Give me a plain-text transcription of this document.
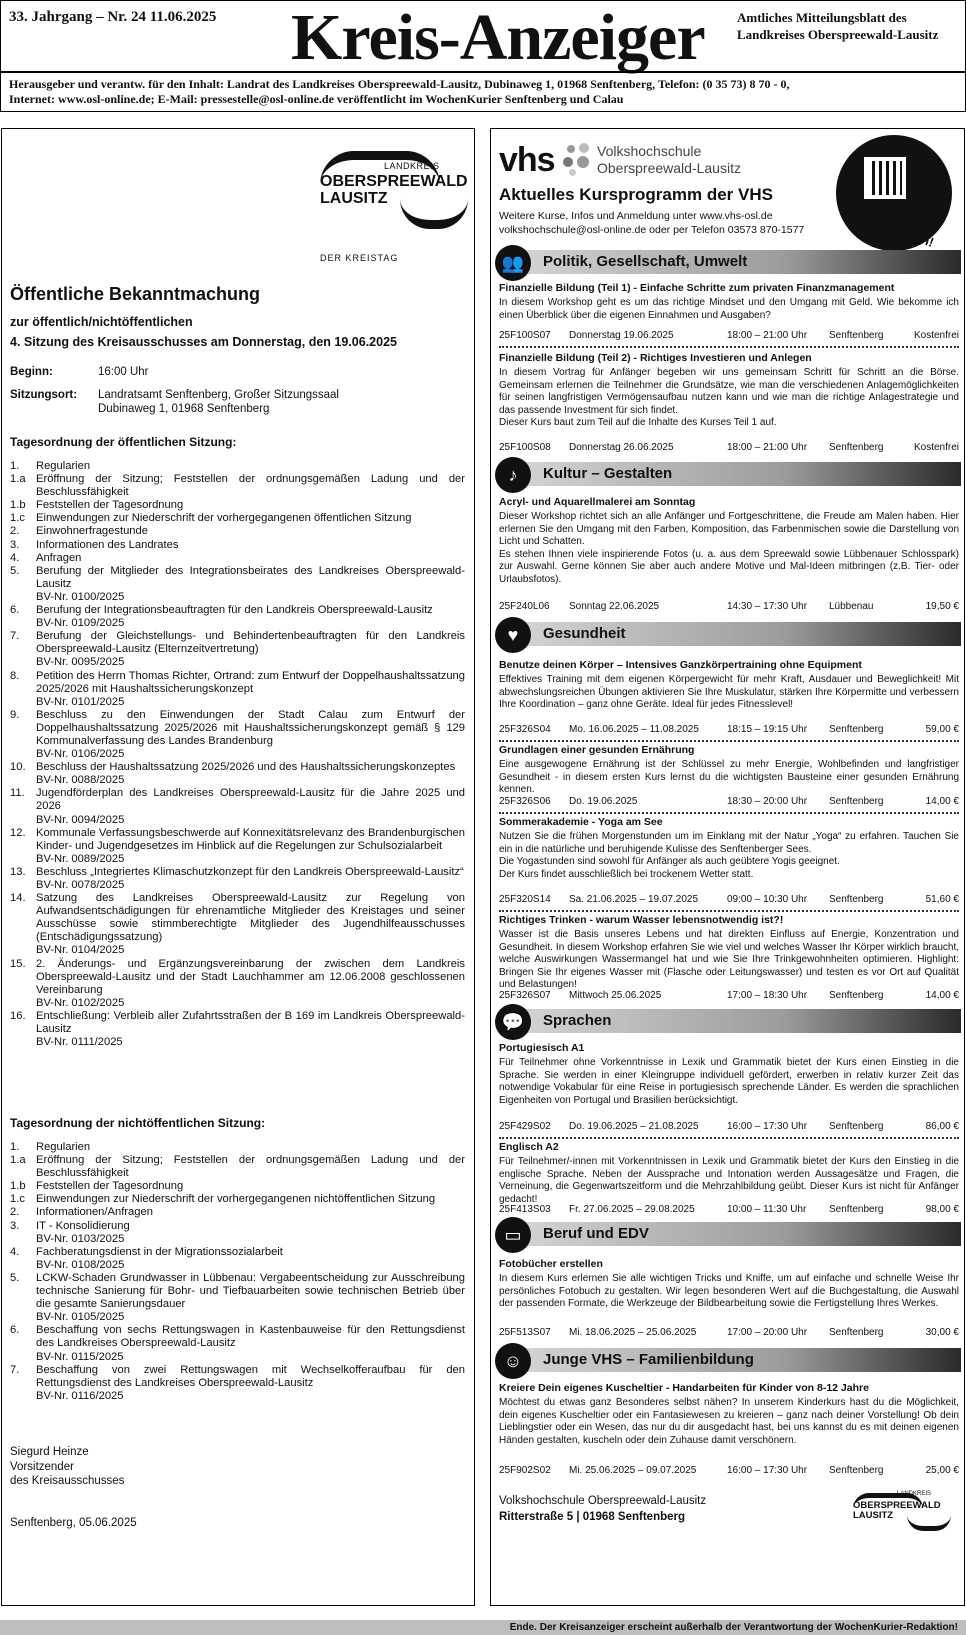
33. Jahrgang – Nr. 24 11.06.2025 Kreis-Anzeiger Amtliches Mitteilungsblatt des
Landkreises Oberspreewald-Lausitz
Herausgeber und verantw. für den Inhalt: Landrat des Landkreises Oberspreewald-Lausitz, Dubinaweg 1, 01968 Senftenberg, Telefon: (0 35 73) 8 70 - 0,
Internet: www.osl-online.de; E-Mail: pressestelle@osl-online.de veröffentlicht im WochenKurier Senftenberg und Calau
LANDKREIS
OBERSPREEWALD
LAUSITZ
DER KREISTAG
Öffentliche Bekanntmachung
zur öffentlich/nichtöffentlichen
4. Sitzung des Kreisausschusses am Donnerstag, den 19.06.2025
Beginn:	16:00 Uhr
Sitzungsort:	Landratsamt Senftenberg, Großer Sitzungssaal
Dubinaweg 1, 01968 Senftenberg
Tagesordnung der öffentlichen Sitzung:
1.	Regularien
1.a Eröffnung der Sitzung; Feststellen der ordnungsgemäßen Ladung und der Beschlussfähigkeit
1.b Feststellen der Tagesordnung
1.c Einwendungen zur Niederschrift der vorhergegangenen öffentlichen Sitzung
2.	Einwohnerfragestunde
3.	Informationen des Landrates
4.	Anfragen
5.	Berufung der Mitglieder des Integrationsbeirates des Landkreises Oberspreewald-Lausitz
BV-Nr. 0100/2025
6.	Berufung der Integrationsbeauftragten für den Landkreis Oberspreewald-Lausitz
BV-Nr. 0109/2025
7.	Berufung der Gleichstellungs- und Behindertenbeauftragten für den Landkreis Oberspreewald-Lausitz (Elternzeitvertretung)
BV-Nr. 0095/2025
8.	Petition des Herrn Thomas Richter, Ortrand: zum Entwurf der Doppelhaushaltssatzung 2025/2026 mit Haushaltssicherungskonzept
BV-Nr. 0101/2025
9.	Beschluss zu den Einwendungen der Stadt Calau zum Entwurf der Doppelhaushaltssatzung 2025/2026 mit Haushaltssicherungskonzept gemäß § 129 Kommunalverfassung des Landes Brandenburg
BV-Nr. 0106/2025
10. Beschluss der Haushaltssatzung 2025/2026 und des Haushaltssicherungskonzeptes
BV-Nr. 0088/2025
11.	Jugendförderplan des Landkreises Oberspreewald-Lausitz für die Jahre 2025 und 2026
BV-Nr. 0094/2025
12. Kommunale Verfassungsbeschwerde auf Konnexitätsrelevanz des Brandenburgischen Kinder- und Jugendgesetzes im Hinblick auf die Regelungen zur Schulsozialarbeit
BV-Nr. 0089/2025
13. Beschluss „Integriertes Klimaschutzkonzept für den Landkreis Oberspreewald-Lausitz“
BV-Nr. 0078/2025
14. Satzung des Landkreises Oberspreewald-Lausitz zur Regelung von Aufwandsentschädigungen für ehrenamtliche Mitglieder des Kreistages und seiner Ausschüsse sowie stimmberechtigte Mitglieder des Jugendhilfeausschusses (Entschädigungssatzung)
BV-Nr. 0104/2025
15. 2. Änderungs- und Ergänzungsvereinbarung der zwischen dem Landkreis Oberspreewald-Lausitz und der Stadt Lauchhammer am 12.06.2008 geschlossenen Vereinbarung
BV-Nr. 0102/2025
16. Entschließung: Verbleib aller Zufahrtsstraßen der B 169 im Landkreis Oberspreewald-Lausitz
BV-Nr. 0111/2025
Tagesordnung der nichtöffentlichen Sitzung:
1.	Regularien
1.a Eröffnung der Sitzung; Feststellen der ordnungsgemäßen Ladung und der Beschlussfähigkeit
1.b Feststellen der Tagesordnung
1.c Einwendungen zur Niederschrift der vorhergegangenen nichtöffentlichen Sitzung
2.	Informationen/Anfragen
3.	IT - Konsolidierung
BV-Nr. 0103/2025
4.	Fachberatungsdienst in der Migrationssozialarbeit
BV-Nr. 0108/2025
5.	LCKW-Schaden Grundwasser in Lübbenau: Vergabeentscheidung zur Ausschreibung technische Sanierung für Bohr- und Tiefbauarbeiten sowie technischen Betrieb über die gesamte Sanierungsdauer
BV-Nr. 0105/2025
6.	Beschaffung von sechs Rettungswagen in Kastenbauweise für den Rettungsdienst des Landkreises Oberspreewald-Lausitz
BV-Nr. 0115/2025
7.	Beschaffung von zwei Rettungswagen mit Wechselkofferaufbau für den Rettungsdienst des Landkreises Oberspreewald-Lausitz
BV-Nr. 0116/2025
Siegurd Heinze
Vorsitzender
des Kreisausschusses
Senftenberg, 05.06.2025
vhs	Volkshochschule
Oberspreewald-Lausitz
Jetzt buchen!
Aktuelles Kursprogramm der VHS
Weitere Kurse, Infos und Anmeldung unter www.vhs-osl.de
volkshochschule@osl-online.de oder per Telefon 03573 870-1577
👥	Politik, Gesellschaft, Umwelt
♪	Kultur – Gestalten
♥	Gesundheit
💬	Sprachen
▭	Beruf und EDV
☺	Junge VHS – Familienbildung
Finanzielle Bildung (Teil 1) - Einfache Schritte zum privaten Finanzmanagement
In diesem Workshop geht es um das richtige Mindset und den Umgang mit Geld. Wie bekomme ich einen Überblick über die eigenen Einnahmen und Ausgaben?
25F100S07 Donnerstag 19.06.2025	18:00 – 21:00 Uhr Senftenberg	Kostenfrei
Finanzielle Bildung (Teil 2) - Richtiges Investieren und Anlegen
In diesem Vortrag für Anfänger begeben wir uns gemeinsam Schritt für Schritt an die Börse. Gemeinsam erlernen die Teilnehmer die Grundsätze, wie man die verschiedenen Anlagemöglichkeiten für seinen langfristigen Vermögensaufbau nutzen kann und wie man die richtige Anlagestrategie und das passende Investment für sich findet.
Dieser Kurs baut zum Teil auf die Inhalte des Kurses Teil 1 auf.
25F100S08 Donnerstag 26.06.2025	18:00 – 21:00 Uhr Senftenberg	Kostenfrei
Acryl- und Aquarellmalerei am Sonntag
Dieser Workshop richtet sich an alle Anfänger und Fortgeschrittene, die Freude am Malen haben. Hier erlernen Sie den Umgang mit den Farben, Komposition, das Farbenmischen sowie die Darstellung von Licht und Schatten.
Es stehen Ihnen viele inspirierende Fotos (u. a. aus dem Spreewald sowie Lübbenauer Schlosspark) zur Auswahl. Gerne können Sie aber auch andere Motive und Mal-Ideen mitbringen (z.B. Tier- oder Urlaubsfotos).
25F240L06 Sonntag 22.06.2025	14:30 – 17:30 Uhr Lübbenau	19,50 €
Benutze deinen Körper – Intensives Ganzkörpertraining ohne Equipment
Effektives Training mit dem eigenen Körpergewicht für mehr Kraft, Ausdauer und Beweglichkeit! Mit abwechslungsreichen Übungen aktivieren Sie Ihre Muskulatur, stärken Ihre Körpermitte und verbessern Ihre Koordination – ganz ohne Geräte. Ideal für jedes Fitnesslevel!
25F326S04 Mo. 16.06.2025 – 11.08.2025	18:15 – 19:15 Uhr Senftenberg	59,00 €
Grundlagen einer gesunden Ernährung
Eine ausgewogene Ernährung ist der Schlüssel zu mehr Energie, Wohlbefinden und langfristiger Gesundheit - in diesem ersten Kurs lernst du die wichtigsten Bausteine einer gesunden Ernährung kennen.
25F326S06 Do. 19.06.2025	18:30 – 20:00 Uhr Senftenberg	14,00 €
Sommerakademie - Yoga am See
Nutzen Sie die frühen Morgenstunden um im Einklang mit der Natur „Yoga“ zu erfahren. Tauchen Sie ein in die natürliche und beruhigende Kulisse des Senftenberger Sees.
Die Yogastunden sind sowohl für Anfänger als auch geübtere Yogis geeignet.
Der Kurs findet ausschließlich bei trockenem Wetter statt.
25F320S14 Sa. 21.06.2025 – 19.07.2025	09:00 – 10:30 Uhr Senftenberg	51,60 €
Richtiges Trinken - warum Wasser lebensnotwendig ist?!
Wasser ist die Basis unseres Lebens und hat direkten Einfluss auf Energie, Konzentration und Gesundheit. In diesem Workshop erfahren Sie wie viel und welches Wasser Ihr Körper wirklich braucht, welche Auswirkungen Wassermangel hat und wie Sie Ihre Trinkgewohnheiten optimieren. Highlight: Bringen Sie Ihr eigenes Wasser mit (Flasche oder Leitungswasser) und testen es vor Ort auf Qualität und Belastungen!
25F326S07 Mittwoch 25.06.2025	17:00 – 18:30 Uhr Senftenberg	14,00 €
Portugiesisch A1
Für Teilnehmer ohne Vorkenntnisse in Lexik und Grammatik bietet der Kurs einen Einstieg in die Sprache. Sie werden in einer Kleingruppe individuell gefördert, erwerben in relativ kurzer Zeit das notwendige Vokabular für eine Reise in portugiesisch sprechende Länder. Es werden die sprachlichen Eigenheiten von Portugal und Brasilien berücksichtigt.
25F429S02 Do. 19.06.2025 – 21.08.2025	16:00 – 17:30 Uhr Senftenberg	86,00 €
Englisch A2
Für Teilnehmer/-innen mit Vorkenntnissen in Lexik und Grammatik bietet der Kurs den Einstieg in die englische Sprache. Neben der Aussprache und Intonation werden Aussagesätze und Fragen, die Verneinung, die Gegenwartszeitform und die Mehrzahlbildung geübt. Dieser Kurs ist nicht für Anfänger gedacht!
25F413S03 Fr. 27.06.2025 – 29.08.2025	10:00 – 11:30 Uhr Senftenberg	98,00 €
Fotobücher erstellen
In diesem Kurs erlernen Sie alle wichtigen Tricks und Kniffe, um auf einfache und schnelle Weise Ihr persönliches Fotobuch zu gestalten. Wir legen besonderen Wert auf die Buchgestaltung, die Auswahl der passenden Formate, die Werkzeuge der Bildbearbeitung sowie die Fertigstellung Ihres Werkes.
25F513S07 Mi. 18.06.2025 – 25.06.2025	17:00 – 20:00 Uhr Senftenberg	30,00 €
Kreiere Dein eigenes Kuscheltier - Handarbeiten für Kinder von 8-12 Jahre
Möchtest du etwas ganz Besonderes selbst nähen? In unserem Kinderkurs hast du die Möglichkeit, dein eigenes Kuscheltier oder ein Fantasiewesen zu kreieren – ganz nach deiner Vorstellung! Ob dein Lieblingstier oder ein Wesen, das nur du dir ausgedacht hast, bei uns kannst du es mit deinen eigenen Händen gestalten, kuscheln oder dein Zuhause damit verschönern.
25F902S02 Mi. 25.06.2025 – 09.07.2025	16:00 – 17:30 Uhr Senftenberg	25,00 €
Volkshochschule Oberspreewald-Lausitz
Ritterstraße 5 | 01968 Senftenberg
LANDKREIS
OBERSPREEWALD
LAUSITZ
Ende. Der Kreisanzeiger erscheint außerhalb der Verantwortung der WochenKurier-Redaktion!
